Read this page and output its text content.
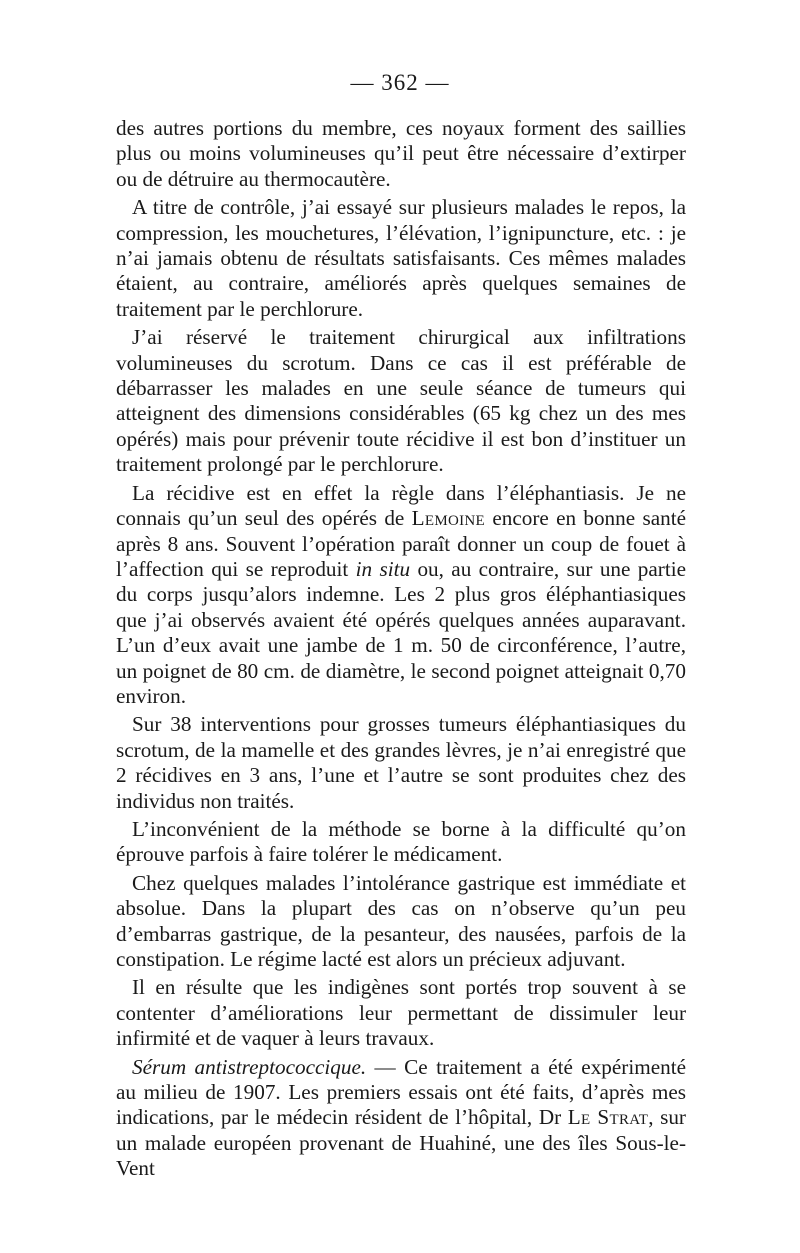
— 362 —

des autres portions du membre, ces noyaux forment des saillies plus ou moins volumineuses qu’il peut être nécessaire d’extirper ou de détruire au thermocautère.

A titre de contrôle, j’ai essayé sur plusieurs malades le repos, la compression, les mouchetures, l’élévation, l’ignipuncture, etc. : je n’ai jamais obtenu de résultats satisfaisants. Ces mêmes malades étaient, au contraire, améliorés après quelques semaines de traitement par le perchlorure.

J’ai réservé le traitement chirurgical aux infiltrations volumineuses du scrotum. Dans ce cas il est préférable de débarrasser les malades en une seule séance de tumeurs qui atteignent des dimensions considérables (65 kg chez un des mes opérés) mais pour prévenir toute récidive il est bon d’instituer un traitement prolongé par le perchlorure.

La récidive est en effet la règle dans l’éléphantiasis. Je ne connais qu’un seul des opérés de Lemoine encore en bonne santé après 8 ans. Souvent l’opération paraît donner un coup de fouet à l’affection qui se reproduit in situ ou, au contraire, sur une partie du corps jusqu’alors indemne. Les 2 plus gros éléphantiasiques que j’ai observés avaient été opérés quelques années auparavant. L’un d’eux avait une jambe de 1 m. 50 de circonférence, l’autre, un poignet de 80 cm. de diamètre, le second poignet atteignait 0,70 environ.

Sur 38 interventions pour grosses tumeurs éléphantiasiques du scrotum, de la mamelle et des grandes lèvres, je n’ai enregistré que 2 récidives en 3 ans, l’une et l’autre se sont produites chez des individus non traités.

L’inconvénient de la méthode se borne à la difficulté qu’on éprouve parfois à faire tolérer le médicament.

Chez quelques malades l’intolérance gastrique est immédiate et absolue. Dans la plupart des cas on n’observe qu’un peu d’embarras gastrique, de la pesanteur, des nausées, parfois de la constipation. Le régime lacté est alors un précieux adjuvant.

Il en résulte que les indigènes sont portés trop souvent à se contenter d’améliorations leur permettant de dissimuler leur infirmité et de vaquer à leurs travaux.

Sérum antistreptococcique. — Ce traitement a été expérimenté au milieu de 1907. Les premiers essais ont été faits, d’après mes indications, par le médecin résident de l’hôpital, Dr Le Strat, sur un malade européen provenant de Huahiné, une des îles Sous-le-Vent
